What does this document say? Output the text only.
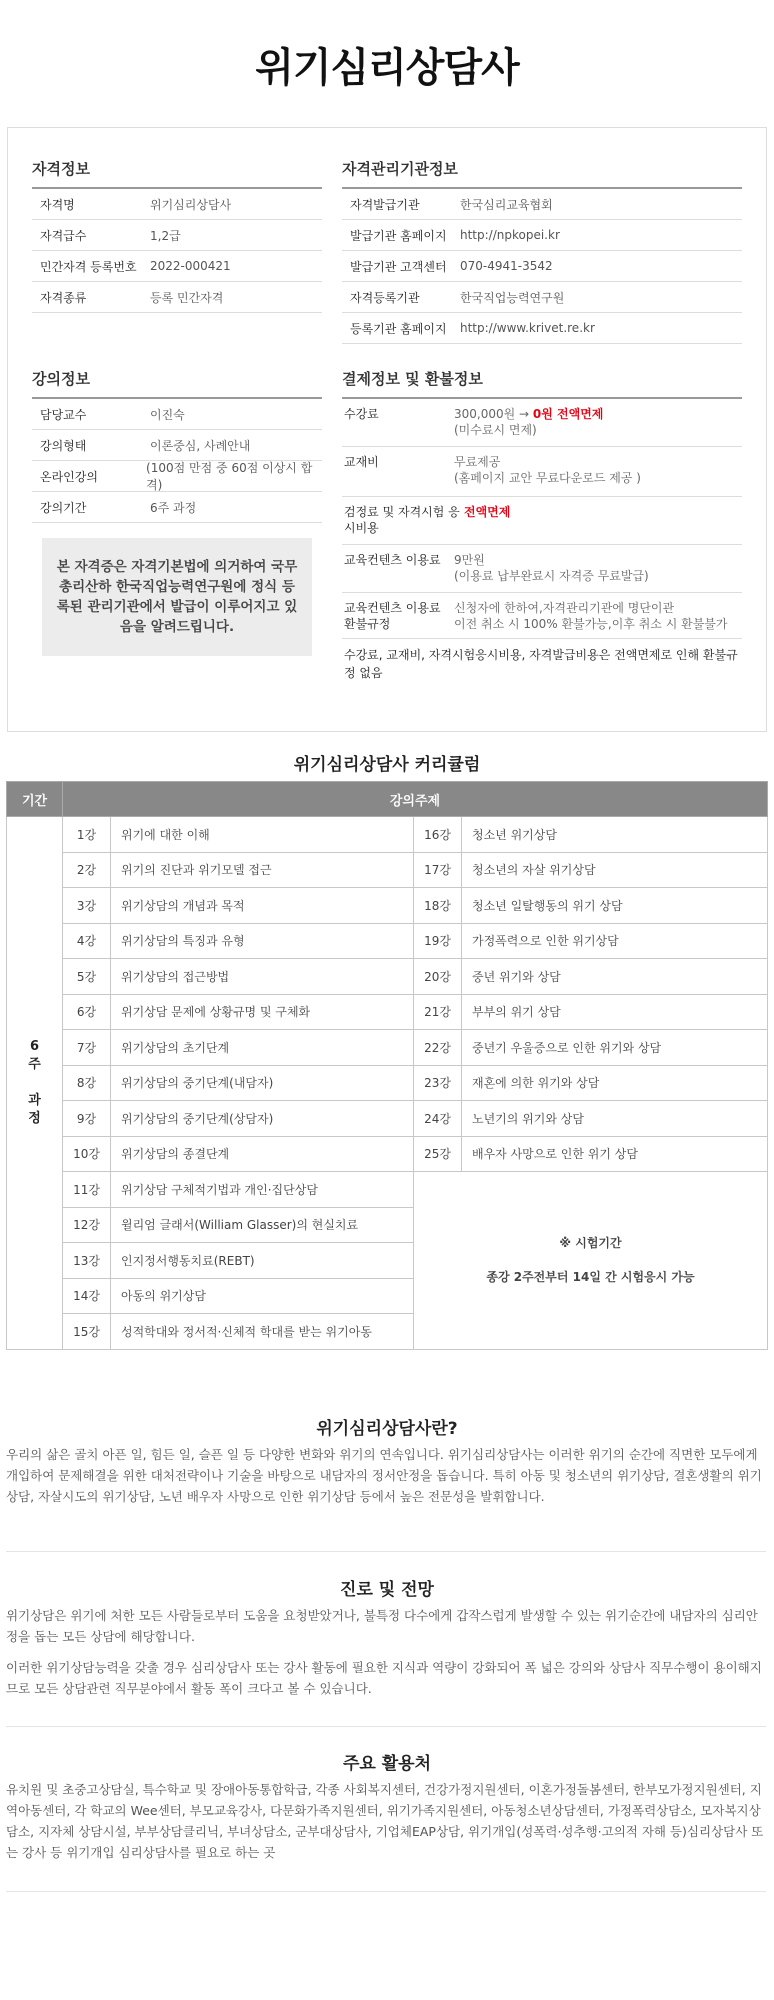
위기심리상담사
자격정보
자격명	위기심리상담사
자격급수	1,2급
민간자격 등록번호	2022-000421
자격종류	등록 민간자격
자격관리기관정보
자격발급기관	한국심리교육협회
발급기관 홈페이지	http://npkopei.kr
발급기관 고객센터	070-4941-3542
자격등록기관	한국직업능력연구원
등록기관 홈페이지	http://www.krivet.re.kr
강의정보
담당교수	이진숙
강의형태	이론중심, 사례안내
온라인강의
(100점 만점 중 60점 이상시 합격)
강의기간	6주 과정
본 자격증은 자격기본법에 의거하여 국무총리산하 한국직업능력연구원에 정식 등록된 관리기관에서 발급이 이루어지고 있음을 알려드립니다.
결제정보 및 환불정보
수강료	300,000원 → 0원 전액면제
(미수료시 면제)
교재비	무료제공
(홈페이지 교안 무료다운로드 제공 )
검정료 및 자격시험 응시비용
전액면제
교육컨텐츠 이용료	9만원
(이용료 납부완료시 자격증 무료발급)
교육컨텐츠 이용료 환불규정
신청자에 한하여,자격관리기관에 명단이관
이전 취소 시 100% 환불가능,이후 취소 시 환불불가
수강료, 교재비, 자격시험응시비용, 자격발급비용은 전액면제로 인해 환불규정 없음
위기심리상담사 커리큘럼
기간	강의주제			

6
주
과
정	1강	위기에 대한 이해	16강	청소년 위기상담
	2강	위기의 진단과 위기모델 접근	17강	청소년의 자살 위기상담
	3강	위기상담의 개념과 목적	18강	청소년 일탈행동의 위기 상담
	4강	위기상담의 특징과 유형	19강	가정폭력으로 인한 위기상담
	5강	위기상담의 접근방법	20강	중년 위기와 상담
	6강	위기상담 문제에 상황규명 및 구체화	21강	부부의 위기 상담
	7강	위기상담의 초기단계	22강	중년기 우울증으로 인한 위기와 상담
	8강	위기상담의 중기단계(내담자)	23강	재혼에 의한 위기와 상담
	9강	위기상담의 중기단계(상담자)	24강	노년기의 위기와 상담
	10강	위기상담의 종결단계	25강	배우자 사망으로 인한 위기 상담
	11강	위기상담 구체적기법과 개인·집단상담	※ 시험기간
종강 2주전부터 14일 간 시험응시 가능	

	12강	윌리엄 글래서(William Glasser)의 현실치료		
	13강	인지정서행동치료(REBT)		
	14강	아동의 위기상담		
	15강	성적학대와 정서적·신체적 학대를 받는 위기아동		
위기심리상담사란?
우리의 삶은 골치 아픈 일, 힘든 일, 슬픈 일 등 다양한 변화와 위기의 연속입니다. 위기심리상담사는 이러한 위기의 순간에 직면한 모두에게 개입하여 문제해결을 위한 대처전략이나 기술을 바탕으로 내담자의 정서안정을 돕습니다. 특히 아동 및 청소년의 위기상담, 결혼생활의 위기상담, 자살시도의 위기상담, 노년 배우자 사망으로 인한 위기상담 등에서 높은 전문성을 발휘합니다.
진로 및 전망
위기상담은 위기에 처한 모든 사람들로부터 도움을 요청받았거나, 불특정 다수에게 갑작스럽게 발생할 수 있는 위기순간에 내담자의 심리안정을 돕는 모든 상담에 해당합니다.
이러한 위기상담능력을 갖출 경우 심리상담사 또는 강사 활동에 필요한 지식과 역량이 강화되어 폭 넓은 강의와 상담사 직무수행이 용이해지므로 모든 상담관련 직무분야에서 활동 폭이 크다고 볼 수 있습니다.
주요 활용처
유치원 및 초중고상담실, 특수학교 및 장애아동통합학급, 각종 사회복지센터, 건강가정지원센터, 이혼가정돌봄센터, 한부모가정지원센터, 지역아동센터, 각 학교의 Wee센터, 부모교육강사, 다문화가족지원센터, 위기가족지원센터, 아동청소년상담센터, 가정폭력상담소, 모자복지상담소, 지자체 상담시설, 부부상담클리닉, 부녀상담소, 군부대상담사, 기업체EAP상담, 위기개입(성폭력·성추행·고의적 자해 등)심리상담사 또는 강사 등 위기개입 심리상담사를 필요로 하는 곳
